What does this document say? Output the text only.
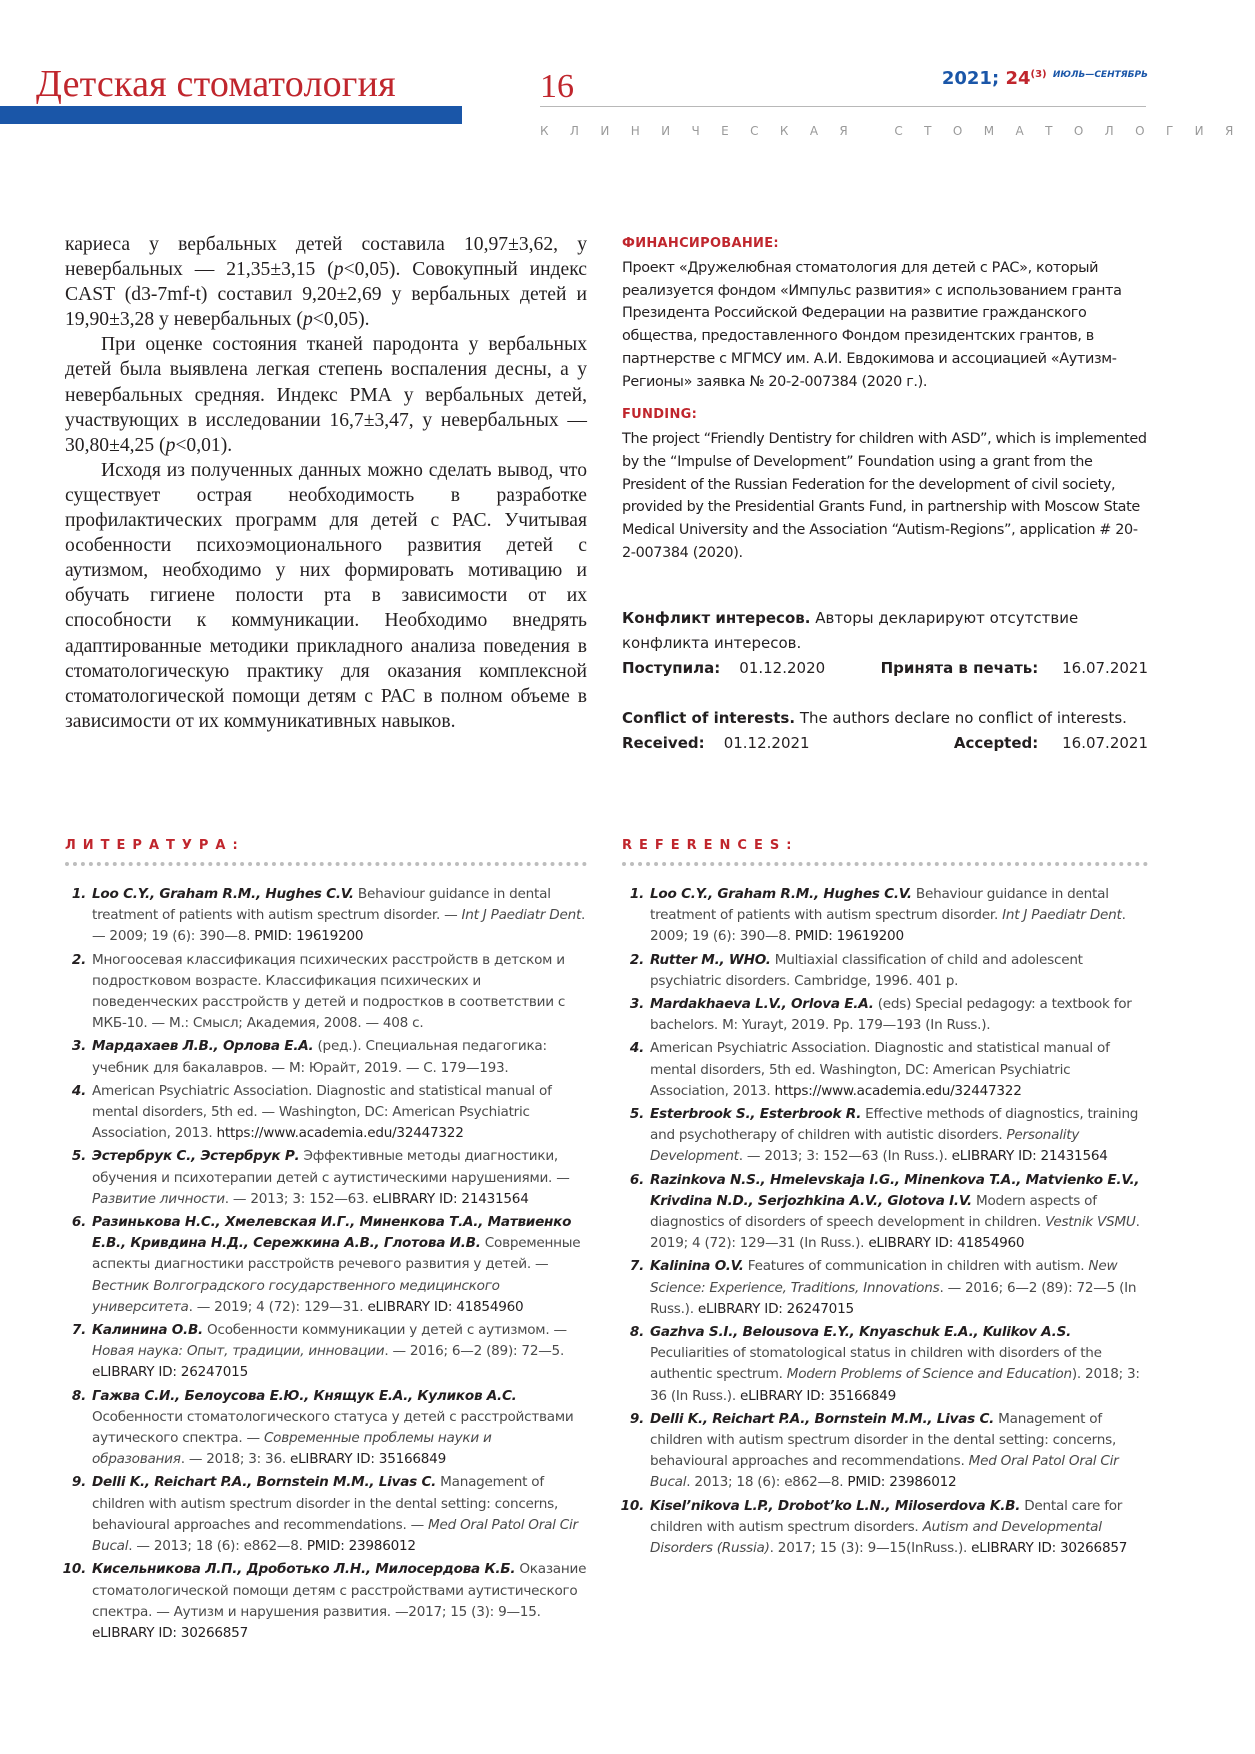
Детская стоматология	16	2021; 24$^{(3)}$ $^{ИЮЛЬ—СЕНТЯБРЬ}$
КЛИНИЧЕСКАЯ СТОМАТОЛОГИЯ

кариеса у вербальных детей составила 10,97±3,62, у невербальных — 21,35±3,15 (p<0,05). Совокупный индекс CAST (d3-7mf-t) составил 9,20±2,69 у вербальных детей и 19,90±3,28 у невербальных (p<0,05).

При оценке состояния тканей пародонта у вербальных детей была выявлена легкая степень воспаления десны, а у невербальных средняя. Индекс РМА у вербальных детей, участвующих в исследовании 16,7±3,47, у невербальных — 30,80±4,25 (p<0,01).

Исходя из полученных данных можно сделать вывод, что существует острая необходимость в разработке профилактических программ для детей с РАС. Учитывая особенности психоэмоционального развития детей с аутизмом, необходимо у них формировать мотивацию и обучать гигиене полости рта в зависимости от их способности к коммуникации. Необходимо внедрять адаптированные методики прикладного анализа поведения в стоматологическую практику для оказания комплексной стоматологической помощи детям с РАС в полном объеме в зависимости от их коммуникативных навыков.

ФИНАНСИРОВАНИЕ:

Проект «Дружелюбная стоматология для детей с РАС», который реализуется фондом «Импульс развития» с использованием гранта Президента Российской Федерации на развитие гражданского общества, предоставленного Фондом президентских грантов, в партнерстве с МГМСУ им. А.И. Евдокимова и ассоциацией «Аутизм-Регионы» заявка № 20-2-007384 (2020 г.).

FUNDING:

The project “Friendly Dentistry for children with ASD”, which is implemented by the “Impulse of Development” Foundation using a grant from the President of the Russian Federation for the development of civil society, provided by the Presidential Grants Fund, in partnership with Moscow State Medical University and the Association “Autism-Regions”, application # 20-2-007384 (2020).

Конфликт интересов. Авторы декларируют отсутствие конфликта интересов.
Поступила: 01.12.2020	Принята в печать: 16.07.2021
Conflict of interests. The authors declare no conflict of interests.
Received: 01.12.2021	Accepted: 16.07.2021
ЛИТЕРАТУРА:
1. Loo C.Y., Graham R.M., Hughes C.V. Behaviour guidance in dental treatment of patients with autism spectrum disorder. — Int J Paediatr Dent. — 2009; 19 (6): 390—8. PMID: 19619200
2. Многоосевая классификация психических расстройств в детском и подростковом возрасте. Классификация психических и поведенческих расстройств у детей и подростков в соответствии с МКБ-10. — М.: Смысл; Академия, 2008. — 408 с.
3. Мардахаев Л.В., Орлова Е.А. (ред.). Специальная педагогика: учебник для бакалавров. — М: Юрайт, 2019. — С. 179—193.
4. American Psychiatric Association. Diagnostic and statistical manual of mental disorders, 5th ed. — Washington, DC: American Psychiatric Association, 2013. https://www.academia.edu/32447322
5. Эстербрук С., Эстербрук Р. Эффективные методы диагностики, обучения и психотерапии детей с аутистическими нарушениями. — Развитие личности. — 2013; 3: 152—63. eLIBRARY ID: 21431564
6. Разинькова Н.С., Хмелевская И.Г., Миненкова Т.А., Матвиенко Е.В., Кривдина Н.Д., Сережкина А.В., Глотова И.В. Современные аспекты диагностики расстройств речевого развития у детей. — Вестник Волгоградского государственного медицинского университета. — 2019; 4 (72): 129—31. eLIBRARY ID: 41854960
7. Калинина О.В. Особенности коммуникации у детей с аутизмом. — Новая наука: Опыт, традиции, инновации. — 2016; 6—2 (89): 72—5. eLIBRARY ID: 26247015
8. Гажва С.И., Белоусова Е.Ю., Княщук Е.А., Куликов А.С. Особенности стоматологического статуса у детей с расстройствами аутического спектра. — Современные проблемы науки и образования. — 2018; 3: 36. eLIBRARY ID: 35166849
9. Delli K., Reichart P.A., Bornstein M.M., Livas C. Management of children with autism spectrum disorder in the dental setting: concerns, behavioural approaches and recommendations. — Med Oral Patol Oral Cir Bucal. — 2013; 18 (6): e862—8. PMID: 23986012
10. Кисельникова Л.П., Дроботько Л.Н., Милосердова К.Б. Оказание стоматологической помощи детям с расстройствами аутистического спектра. — Аутизм и нарушения развития. —2017; 15 (3): 9—15. eLIBRARY ID: 30266857
REFERENCES:
1. Loo C.Y., Graham R.M., Hughes C.V. Behaviour guidance in dental treatment of patients with autism spectrum disorder. Int J Paediatr Dent. 2009; 19 (6): 390—8. PMID: 19619200
2. Rutter M., WHO. Multiaxial classification of child and adolescent psychiatric disorders. Cambridge, 1996. 401 p.
3. Mardakhaeva L.V., Orlova E.A. (eds) Special pedagogy: a textbook for bachelors. M: Yurayt, 2019. Pp. 179—193 (In Russ.).
4. American Psychiatric Association. Diagnostic and statistical manual of mental disorders, 5th ed. Washington, DC: American Psychiatric Association, 2013. https://www.academia.edu/32447322
5. Esterbrook S., Esterbrook R. Effective methods of diagnostics, training and psychotherapy of children with autistic disorders. Personality Development. — 2013; 3: 152—63 (In Russ.). eLIBRARY ID: 21431564
6. Razinkova N.S., Hmelevskaja I.G., Minenkova T.A., Matvienko E.V., Krivdina N.D., Serjozhkina A.V., Glotova I.V. Modern aspects of diagnostics of disorders of speech development in children. Vestnik VSMU. 2019; 4 (72): 129—31 (In Russ.). eLIBRARY ID: 41854960
7. Kalinina O.V. Features of communication in children with autism. New Science: Experience, Traditions, Innovations. — 2016; 6—2 (89): 72—5 (In Russ.). eLIBRARY ID: 26247015
8. Gazhva S.I., Belousova E.Y., Knyaschuk E.A., Kulikov A.S. Peculiarities of stomatological status in children with disorders of the authentic spectrum. Modern Problems of Science and Education). 2018; 3: 36 (In Russ.). eLIBRARY ID: 35166849
9. Delli K., Reichart P.A., Bornstein M.M., Livas C. Management of children with autism spectrum disorder in the dental setting: concerns, behavioural approaches and recommendations. Med Oral Patol Oral Cir Bucal. 2013; 18 (6): e862—8. PMID: 23986012
10. Kisel’nikova L.P., Drobot’ko L.N., Miloserdova K.B. Dental care for children with autism spectrum disorders. Autism and Developmental Disorders (Russia). 2017; 15 (3): 9—15(InRuss.). eLIBRARY ID: 30266857
